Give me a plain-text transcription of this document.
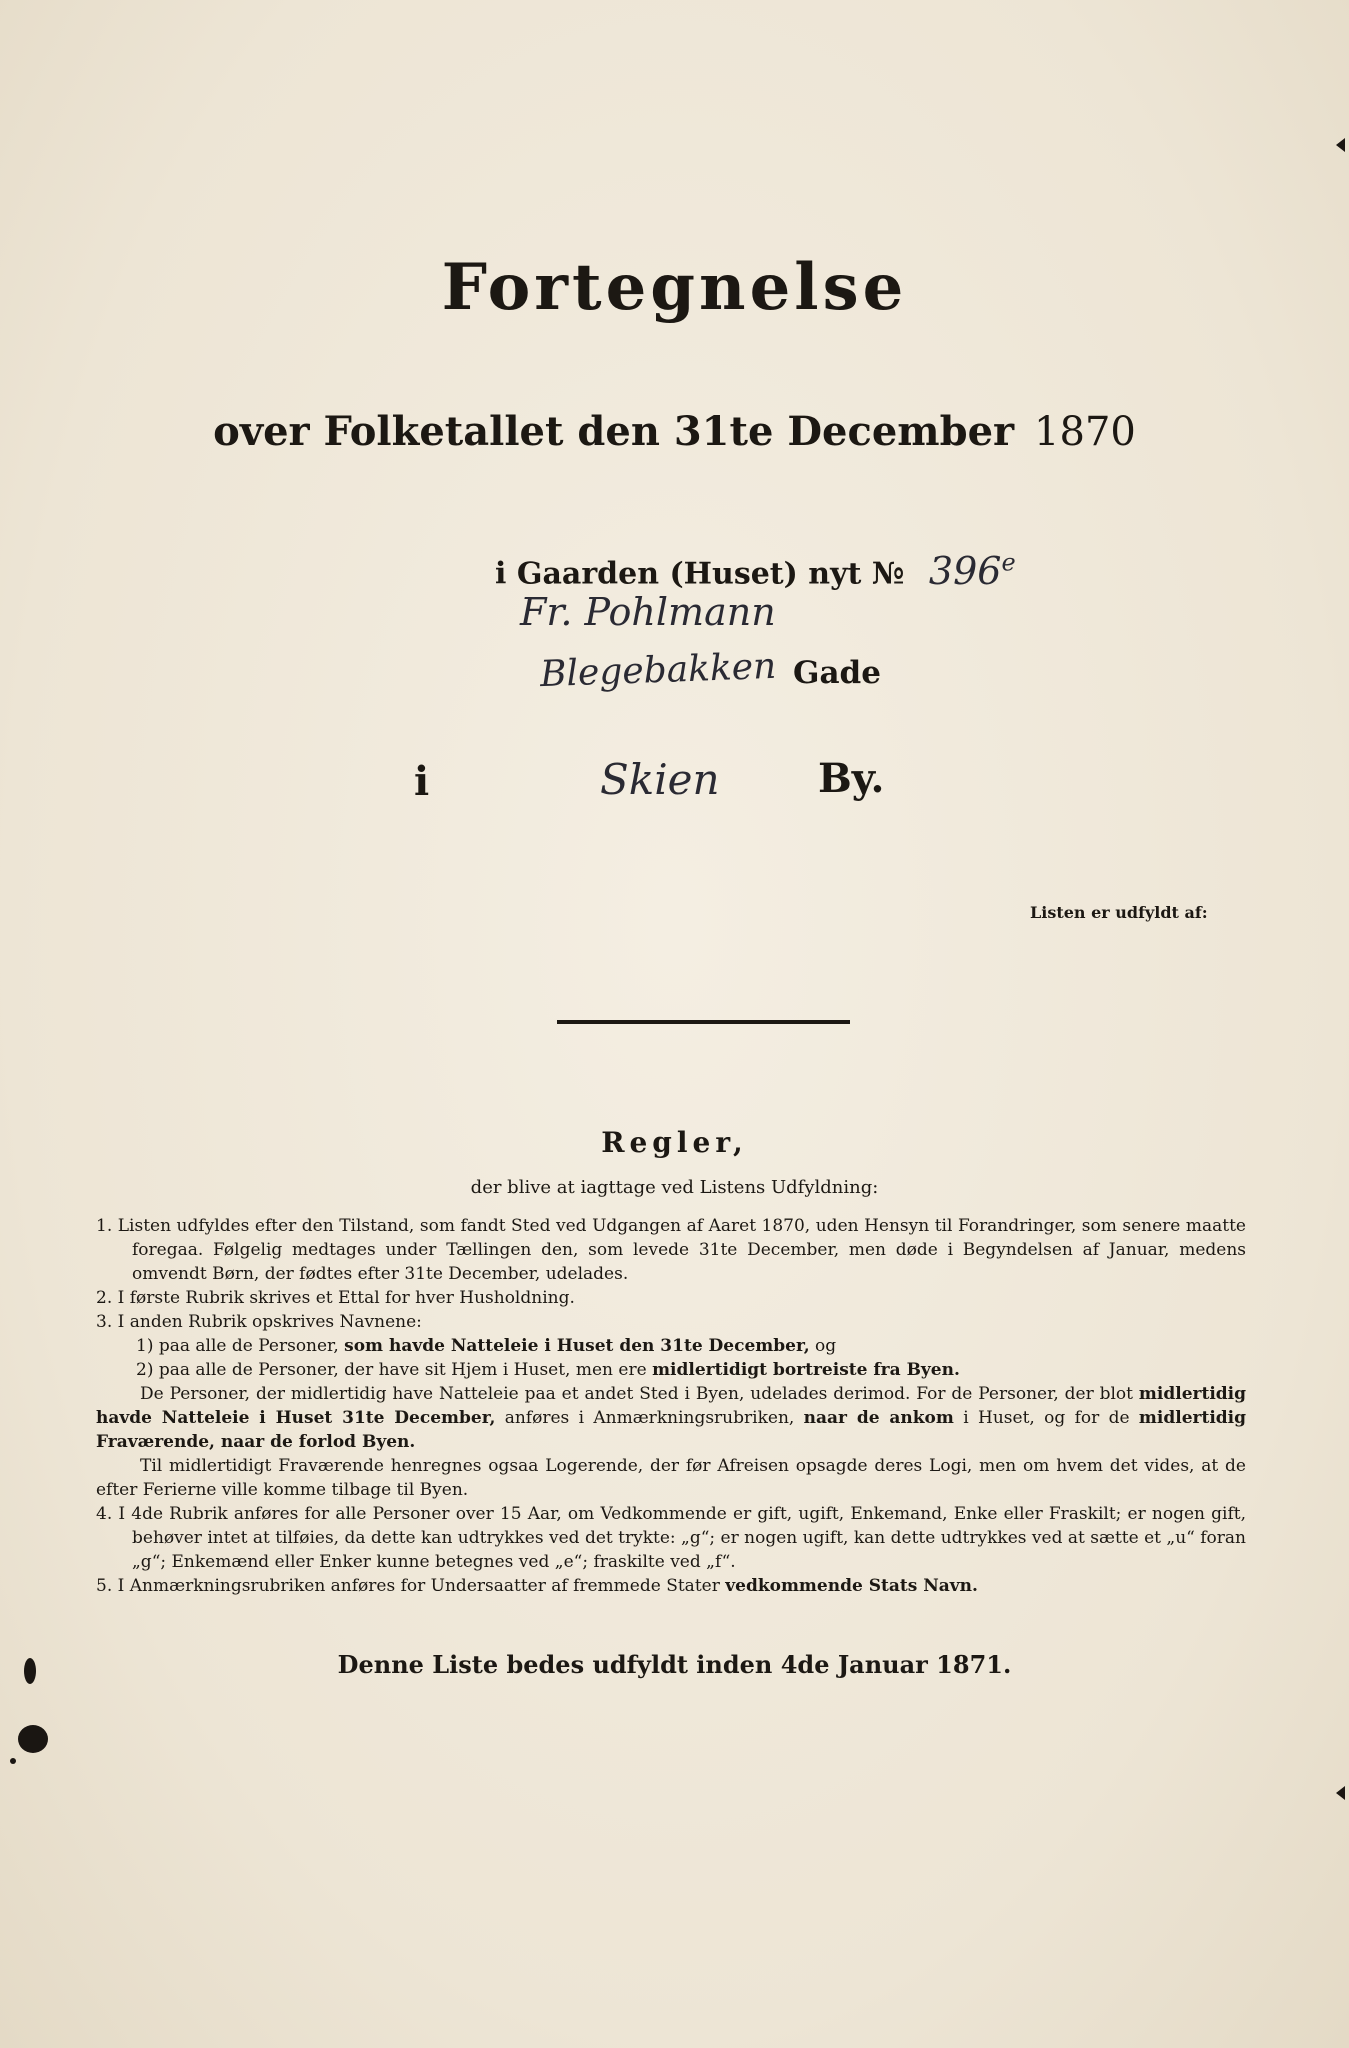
Fortegnelse
over Folketallet den 31te December 1870
i Gaarden (Huset) nyt № 396e
Fr. Pohlmann
Blegebakken Gade
i	Skien By.
Listen er udfyldt af:
Regler,
der blive at iagttage ved Listens Udfyldning:

1. Listen udfyldes efter den Tilstand, som fandt Sted ved Udgangen af Aaret 1870, uden Hensyn til Forandringer, som senere maatte foregaa. Følgelig medtages under Tællingen den, som levede 31te December, men døde i Begyndelsen af Januar, medens omvendt Børn, der fødtes efter 31te December, udelades.

2. I første Rubrik skrives et Ettal for hver Husholdning.

3. I anden Rubrik opskrives Navnene:

1) paa alle de Personer, som havde Natteleie i Huset den 31te December, og

2) paa alle de Personer, der have sit Hjem i Huset, men ere midlertidigt bortreiste fra Byen.

De Personer, der midlertidig have Natteleie paa et andet Sted i Byen, udelades derimod. For de Personer, der blot midlertidig havde Natteleie i Huset 31te December, anføres i Anmærkningsrubriken, naar de ankom i Huset, og for de midlertidig Fraværende, naar de forlod Byen.

Til midlertidigt Fraværende henregnes ogsaa Logerende, der før Afreisen opsagde deres Logi, men om hvem det vides, at de efter Ferierne ville komme tilbage til Byen.

4. I 4de Rubrik anføres for alle Personer over 15 Aar, om Vedkommende er gift, ugift, Enkemand, Enke eller Fraskilt; er nogen gift, behøver intet at tilføies, da dette kan udtrykkes ved det trykte: „g“; er nogen ugift, kan dette udtrykkes ved at sætte et „u“ foran „g“; Enkemænd eller Enker kunne betegnes ved „e“; fraskilte ved „f“.

5. I Anmærkningsrubriken anføres for Undersaatter af fremmede Stater vedkommende Stats Navn.

Denne Liste bedes udfyldt inden 4de Januar 1871.
